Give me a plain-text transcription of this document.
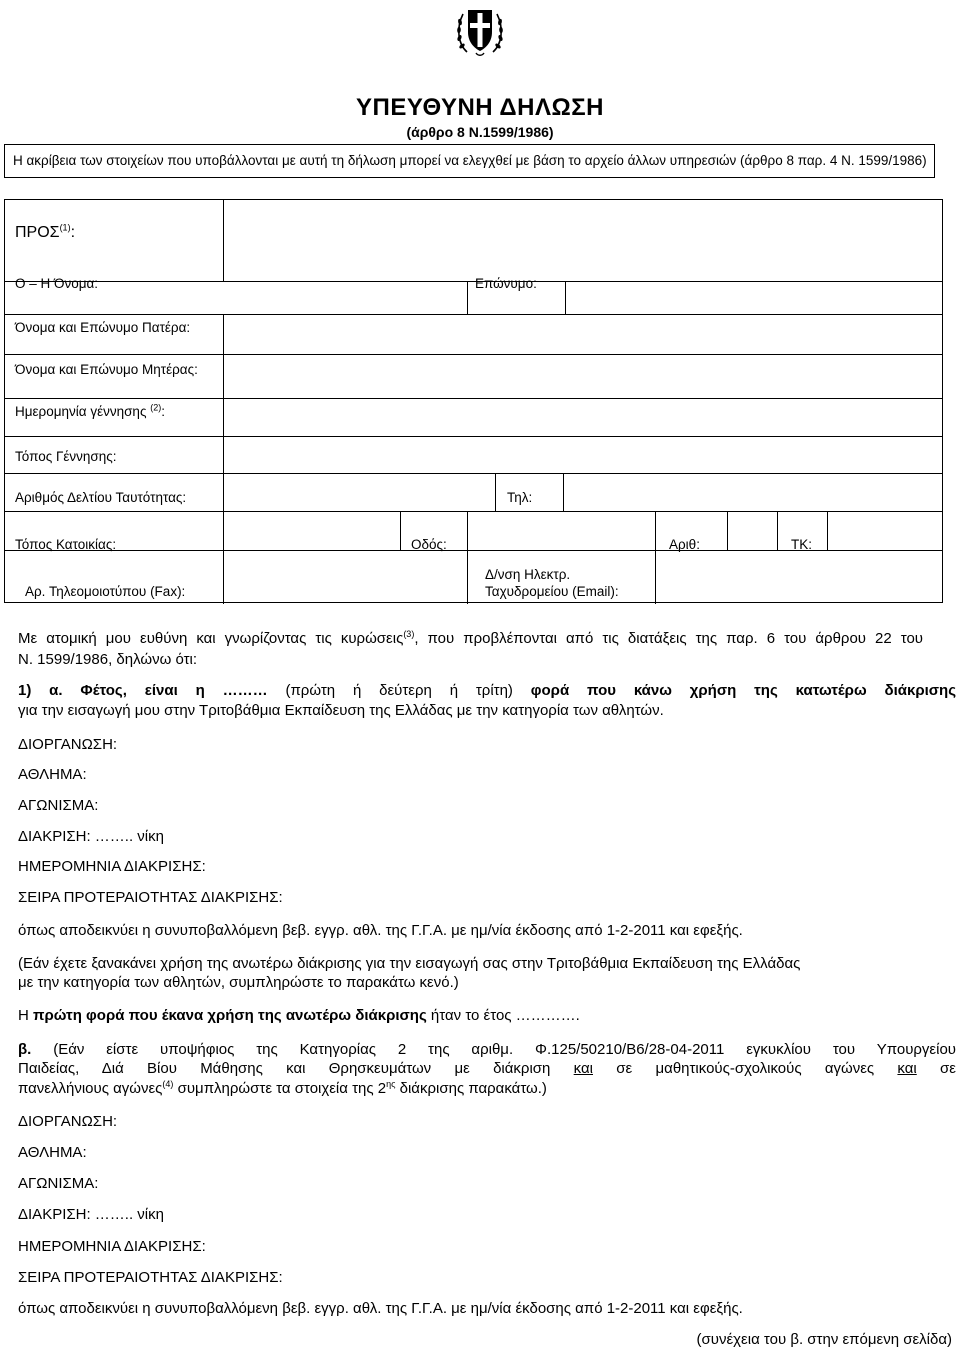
ΥΠΕΥΘΥΝΗ ΔΗΛΩΣΗ
(άρθρο 8 Ν.1599/1986)
Η ακρίβεια των στοιχείων που υποβάλλονται με αυτή τη δήλωση μπορεί να ελεγχθεί με βάση το αρχείο άλλων υπηρεσιών (άρθρο 8 παρ. 4 Ν. 1599/1986)
ΠΡΟΣ$^{(1)}$:
Ο – Η Όνομα:	Επώνυμο:
Όνομα και Επώνυμο Πατέρα:
Όνομα και Επώνυμο Μητέρας:
Ημερομηνία γέννησης $^{(2)}$:
Τόπος Γέννησης:
Αριθμός Δελτίου Ταυτότητας:	Τηλ:
Τόπος Κατοικίας:	Οδός:	Αριθ:	ΤΚ:
Αρ. Τηλεομοιοτύπου (Fax):
Δ/νση Ηλεκτρ.
Ταχυδρομείου (Email):
Με ατομική μου ευθύνη και γνωρίζοντας τις κυρώσεις$^{(3)}$, που προβλέπονται από τις διατάξεις της παρ. 6 του άρθρου 22 του
Ν. 1599/1986, δηλώνω ότι:
1) α. Φέτος, είναι η ……… (πρώτη ή δεύτερη ή τρίτη) φορά που κάνω χρήση της κατωτέρω διάκρισης
για την εισαγωγή μου στην Τριτοβάθμια Εκπαίδευση της Ελλάδας με την κατηγορία των αθλητών.
ΔΙΟΡΓΑΝΩΣΗ:
ΑΘΛΗΜΑ:
ΑΓΩΝΙΣΜΑ:
ΔΙΑΚΡΙΣΗ: …….. νίκη
ΗΜΕΡΟΜΗΝΙΑ ΔΙΑΚΡΙΣΗΣ:
ΣΕΙΡΑ ΠΡΟΤΕΡΑΙΟΤΗΤΑΣ ΔΙΑΚΡΙΣΗΣ:
όπως αποδεικνύει η συνυποβαλλόμενη βεβ. εγγρ. αθλ. της Γ.Γ.Α. με ημ/νία έκδοσης από 1-2-2011 και εφεξής.
(Εάν έχετε ξανακάνει χρήση της ανωτέρω διάκρισης για την εισαγωγή σας στην Τριτοβάθμια Εκπαίδευση της Ελλάδας
με την κατηγορία των αθλητών, συμπληρώστε το παρακάτω κενό.)
Η πρώτη φορά που έκανα χρήση της ανωτέρω διάκρισης ήταν το έτος ………….
β. (Εάν είστε υποψήφιος της Κατηγορίας 2 της αριθμ. Φ.125/50210/Β6/28-04-2011 εγκυκλίου του Υπουργείου
Παιδείας, Διά Βίου Μάθησης και Θρησκευμάτων με διάκριση και σε μαθητικούς-σχολικούς αγώνες και σε
πανελλήνιους αγώνες$^{(4)}$ συμπληρώστε τα στοιχεία της $2^{\eta\varsigma}$ διάκρισης παρακάτω.)
ΔΙΟΡΓΑΝΩΣΗ:
ΑΘΛΗΜΑ:
ΑΓΩΝΙΣΜΑ:
ΔΙΑΚΡΙΣΗ: …….. νίκη
ΗΜΕΡΟΜΗΝΙΑ ΔΙΑΚΡΙΣΗΣ:
ΣΕΙΡΑ ΠΡΟΤΕΡΑΙΟΤΗΤΑΣ ΔΙΑΚΡΙΣΗΣ:
όπως αποδεικνύει η συνυποβαλλόμενη βεβ. εγγρ. αθλ. της Γ.Γ.Α. με ημ/νία έκδοσης από 1-2-2011 και εφεξής.
(συνέχεια του β. στην επόμενη σελίδα)
